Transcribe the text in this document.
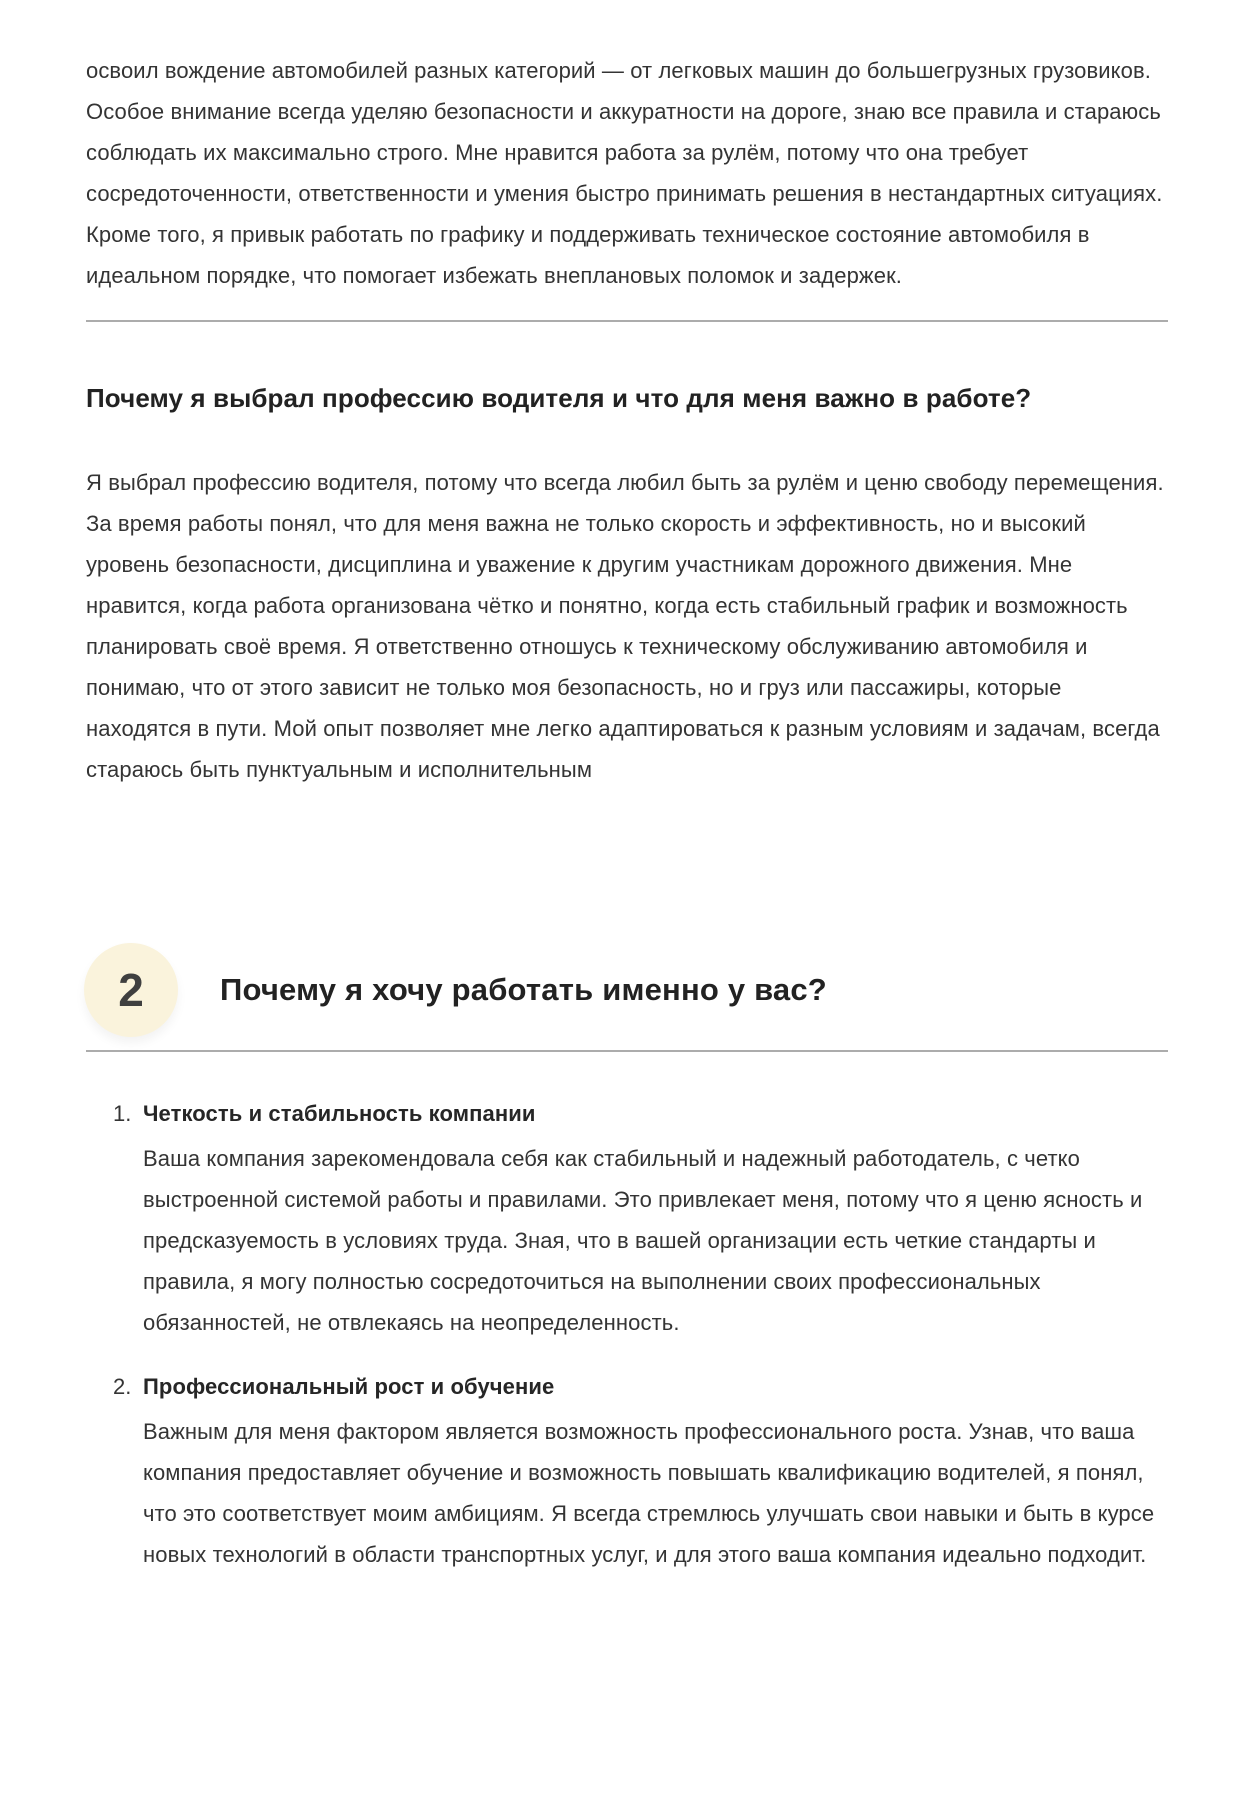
освоил вождение автомобилей разных категорий — от легковых машин до большегрузных грузовиков. Особое внимание всегда уделяю безопасности и аккуратности на дороге, знаю все правила и стараюсь соблюдать их максимально строго. Мне нравится работа за рулём, потому что она требует сосредоточенности, ответственности и умения быстро принимать решения в нестандартных ситуациях. Кроме того, я привык работать по графику и поддерживать техническое состояние автомобиля в идеальном порядке, что помогает избежать внеплановых поломок и задержек.

Почему я выбрал профессию водителя и что для меня важно в работе?

Я выбрал профессию водителя, потому что всегда любил быть за рулём и ценю свободу перемещения. За время работы понял, что для меня важна не только скорость и эффективность, но и высокий уровень безопасности, дисциплина и уважение к другим участникам дорожного движения. Мне нравится, когда работа организована чётко и понятно, когда есть стабильный график и возможность планировать своё время. Я ответственно отношусь к техническому обслуживанию автомобиля и понимаю, что от этого зависит не только моя безопасность, но и груз или пассажиры, которые находятся в пути. Мой опыт позволяет мне легко адаптироваться к разным условиям и задачам, всегда стараюсь быть пунктуальным и исполнительным

2 Почему я хочу работать именно у вас?
1. Четкость и стабильность компании

Ваша компания зарекомендовала себя как стабильный и надежный работодатель, с четко выстроенной системой работы и правилами. Это привлекает меня, потому что я ценю ясность и предсказуемость в условиях труда. Зная, что в вашей организации есть четкие стандарты и правила, я могу полностью сосредоточиться на выполнении своих профессиональных обязанностей, не отвлекаясь на неопределенность.

2. Профессиональный рост и обучение

Важным для меня фактором является возможность профессионального роста. Узнав, что ваша компания предоставляет обучение и возможность повышать квалификацию водителей, я понял, что это соответствует моим амбициям. Я всегда стремлюсь улучшать свои навыки и быть в курсе новых технологий в области транспортных услуг, и для этого ваша компания идеально подходит.
